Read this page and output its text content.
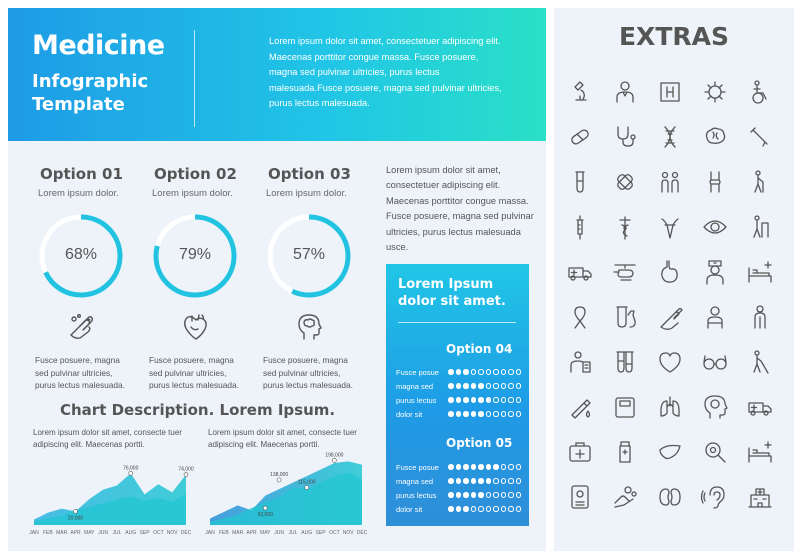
Medicine
Infographic
Template
Lorem ipsum dolor sit amet, consectetuer adipiscing elit. Maecenas porttitor congue massa. Fusce posuere, magna sed pulvinar ultricies, purus lectus malesuada.Fusce posuere, magna sed pulvinar ultricies, purus lectus malesuada.
Option 01
Lorem ipsum dolor.
68%
Fusce posuere, magna sed pulvinar ultricies, purus lectus malesuada.
Option 02
Lorem ipsum dolor.
79%
Fusce posuere, magna sed pulvinar ultricies, purus lectus malesuada.
Option 03
Lorem ipsum dolor.
57%
Fusce posuere, magna sed pulvinar ultricies, purus lectus malesuada.
Lorem ipsum dolor sit amet, consectetuer adipiscing elit. Maecenas porttitor congue massa. Fusce posuere, magna sed pulvinar ultricies, purus lectus malesuada usce.
Chart Description. Lorem Ipsum.
Lorem ipsum dolor sit amet, consecte tuer adipiscing elit. Maecenas portti.
Lorem ipsum dolor sit amet, consecte tuer adipiscing elit. Maecenas portti.
JAN FEB MAR APR MAY JUN JUL AUG SEP OCT NOV DEC
20,000
76,000	74,000
JAN FEB MAR APR MAY JUN JUL AUG SEP OCT NOV DEC
52,000
138,000
115,000
198,000
Lorem Ipsum dolor sit amet.
Option 04
Fusce posue
magna sed
purus lectus
dolor sit
Option 05
Fusce posue
magna sed
purus lectus
dolor sit
EXTRAS
